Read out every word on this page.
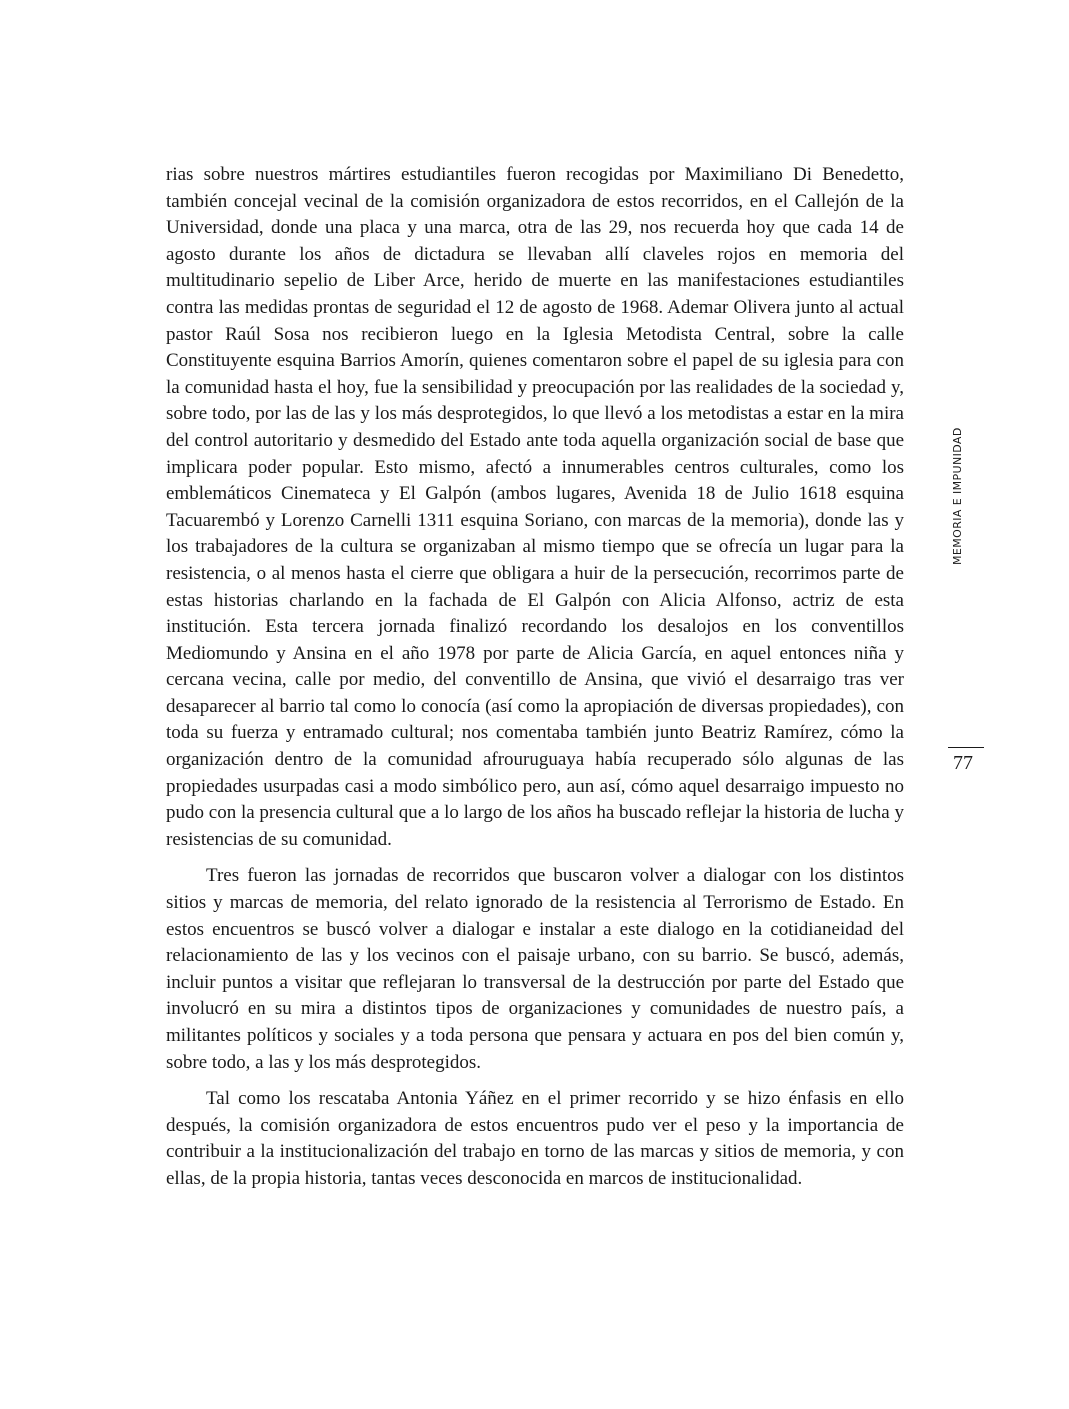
rias sobre nuestros mártires estudiantiles fueron recogidas por Maximiliano Di Benedetto, también concejal vecinal de la comisión organizadora de estos recorridos, en el Callejón de la Universidad, donde una placa y una marca, otra de las 29, nos recuerda hoy que cada 14 de agosto durante los años de dictadura se llevaban allí claveles rojos en memoria del multitudinario sepelio de Liber Arce, herido de muerte en las manifestaciones estudiantiles contra las medidas prontas de seguridad el 12 de agosto de 1968. Ademar Olivera junto al actual pastor Raúl Sosa nos recibieron luego en la Iglesia Metodista Central, sobre la calle Constituyente esquina Barrios Amorín, quienes comentaron sobre el papel de su iglesia para con la comunidad hasta el hoy, fue la sensibilidad y preocupación por las realidades de la sociedad y, sobre todo, por las de las y los más desprotegidos, lo que llevó a los metodistas a estar en la mira del control autoritario y desmedido del Estado ante toda aquella organización social de base que implicara poder popular. Esto mismo, afectó a innumerables centros culturales, como los emblemáticos Cinemateca y El Galpón (ambos lugares, Avenida 18 de Julio 1618 esquina Tacuarembó y Lorenzo Carnelli 1311 esquina Soriano, con marcas de la memoria), donde las y los trabajadores de la cultura se organizaban al mismo tiempo que se ofrecía un lugar para la resistencia, o al menos hasta el cierre que obligara a huir de la persecución, recorrimos parte de estas historias charlando en la fachada de El Galpón con Alicia Alfonso, actriz de esta institución. Esta tercera jornada finalizó recordando los desalojos en los conventillos Mediomundo y Ansina en el año 1978 por parte de Alicia García, en aquel entonces niña y cercana vecina, calle por medio, del conventillo de Ansina, que vivió el desarraigo tras ver desaparecer al barrio tal como lo conocía (así como la apropiación de diversas propiedades), con toda su fuerza y entramado cultural; nos comentaba también junto Beatriz Ramírez, cómo la organización dentro de la comunidad afrouruguaya había recuperado sólo algunas de las propiedades usurpadas casi a modo simbólico pero, aun así, cómo aquel desarraigo impuesto no pudo con la presencia cultural que a lo largo de los años ha buscado reflejar la historia de lucha y resistencias de su comunidad.

Tres fueron las jornadas de recorridos que buscaron volver a dialogar con los distintos sitios y marcas de memoria, del relato ignorado de la resistencia al Terrorismo de Estado. En estos encuentros se buscó volver a dialogar e instalar a este dialogo en la cotidianeidad del relacionamiento de las y los vecinos con el paisaje urbano, con su barrio. Se buscó, además, incluir puntos a visitar que reflejaran lo transversal de la destrucción por parte del Estado que involucró en su mira a distintos tipos de organizaciones y comunidades de nuestro país, a militantes políticos y sociales y a toda persona que pensara y actuara en pos del bien común y, sobre todo, a las y los más desprotegidos.

Tal como los rescataba Antonia Yáñez en el primer recorrido y se hizo énfasis en ello después, la comisión organizadora de estos encuentros pudo ver el peso y la importancia de contribuir a la institucionalización del trabajo en torno de las marcas y sitios de memoria, y con ellas, de la propia historia, tantas veces desconocida en marcos de institucionalidad.

MEMORIA E IMPUNIDAD
77
